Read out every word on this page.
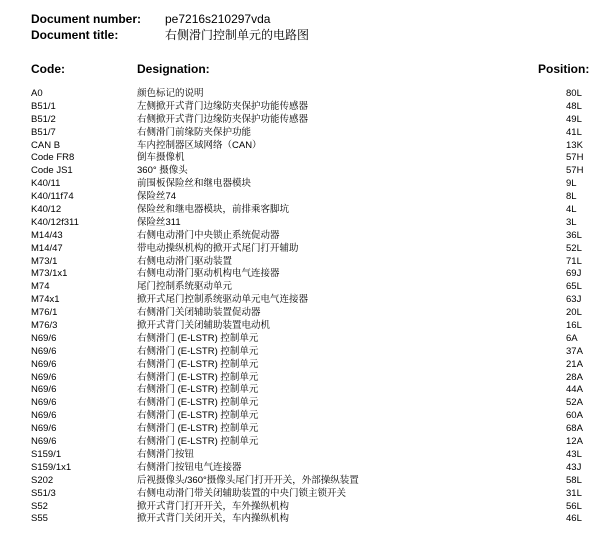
Document number: pe7216s210297vda
Document title:	右侧滑门控制单元的电路图
Code:	Designation:	Position:
A0	颜色标记的说明	80L
B51/1	左侧掀开式背门边缘防夹保护功能传感器	48L
B51/2	右侧掀开式背门边缘防夹保护功能传感器	49L
B51/7	右侧滑门前缘防夹保护功能	41L
CAN B	车内控制器区域网络（CAN）	13K
Code FR8	倒车摄像机	57H
Code JS1	360° 摄像头	57H
K40/11	前围板保险丝和继电器模块	9L
K40/11f74	保险丝74	8L
K40/12	保险丝和继电器模块，前排乘客脚坑	4L
K40/12f311	保险丝311	3L
M14/43	右侧电动滑门中央锁止系统促动器	36L
M14/47	带电动操纵机构的掀开式尾门打开辅助	52L
M73/1	右侧电动滑门驱动装置	71L
M73/1x1	右侧电动滑门驱动机构电气连接器	69J
M74	尾门控制系统驱动单元	65L
M74x1	掀开式尾门控制系统驱动单元电气连接器	63J
M76/1	右侧滑门关闭辅助装置促动器	20L
M76/3	掀开式背门关闭辅助装置电动机	16L
N69/6	右侧滑门 (E-LSTR) 控制单元	6A
N69/6	右侧滑门 (E-LSTR) 控制单元	37A
N69/6	右侧滑门 (E-LSTR) 控制单元	21A
N69/6	右侧滑门 (E-LSTR) 控制单元	28A
N69/6	右侧滑门 (E-LSTR) 控制单元	44A
N69/6	右侧滑门 (E-LSTR) 控制单元	52A
N69/6	右侧滑门 (E-LSTR) 控制单元	60A
N69/6	右侧滑门 (E-LSTR) 控制单元	68A
N69/6	右侧滑门 (E-LSTR) 控制单元	12A
S159/1	右侧滑门按钮	43L
S159/1x1	右侧滑门按钮电气连接器	43J
S202	后视摄像头/360°摄像头尾门打开开关，外部操纵装置	58L
S51/3	右侧电动滑门带关闭辅助装置的中央门锁主锁开关	31L
S52	掀开式背门打开开关，车外操纵机构	56L
S55	掀开式背门关闭开关，车内操纵机构	46L
